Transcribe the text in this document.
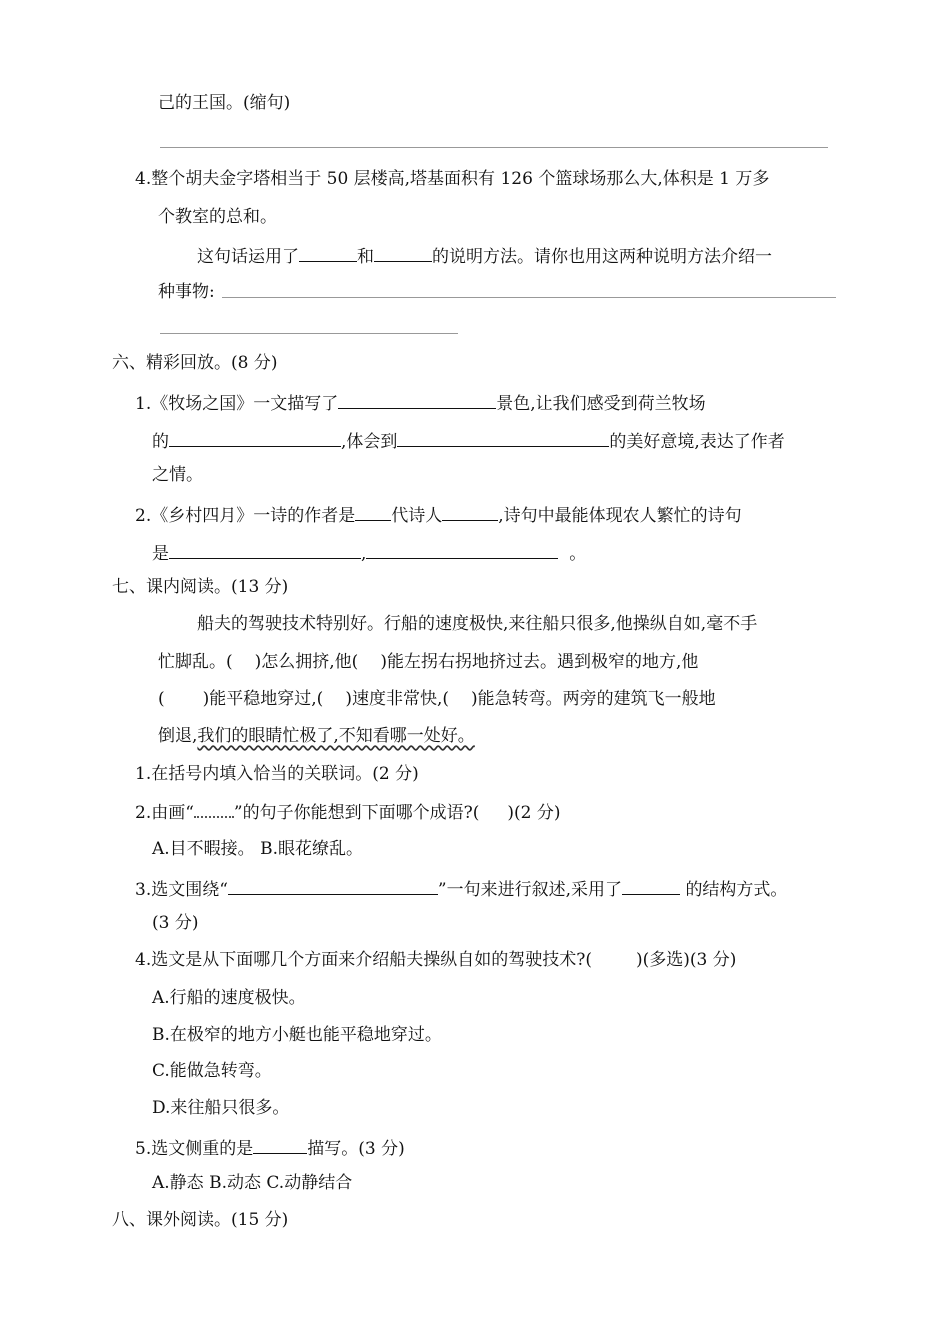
己的王国。(缩句)
4.整个胡夫金字塔相当于 50 层楼高,塔基面积有 126 个篮球场那么大,体积是 1 万多
个教室的总和。
这句话运用了	和	的说明方法。请你也用这两种说明方法介绍一
种事物:
六、精彩回放。(8 分)
1.《牧场之国》一文描写了	景色,让我们感受到荷兰牧场
的	,体会到	的美好意境,表达了作者
之情。
2.《乡村四月》一诗的作者是 代诗人	,诗句中最能体现农人繁忙的诗句
是	,	。
七、课内阅读。(13 分)
船夫的驾驶技术特别好。行船的速度极快,来往船只很多,他操纵自如,毫不手
忙脚乱。( )怎么拥挤,他( )能左拐右拐地挤过去。遇到极窄的地方,他
( )能平稳地穿过,( )速度非常快,( )能急转弯。两旁的建筑飞一般地
倒退,我们的眼睛忙极了,不知看哪一处好。
1.在括号内填入恰当的关联词。(2 分)
2.由画“ ”的句子你能想到下面哪个成语?( )(2 分)
A.目不暇接。 B.眼花缭乱。
3.选文围绕“	”一句来进行叙述,采用了	的结构方式。
(3 分)
4.选文是从下面哪几个方面来介绍船夫操纵自如的驾驶技术?(	)(多选)(3 分)
A.行船的速度极快。
B.在极窄的地方小艇也能平稳地穿过。
C.能做急转弯。
D.来往船只很多。
5.选文侧重的是	描写。(3 分)
A.静态 B.动态 C.动静结合
八、课外阅读。(15 分)
